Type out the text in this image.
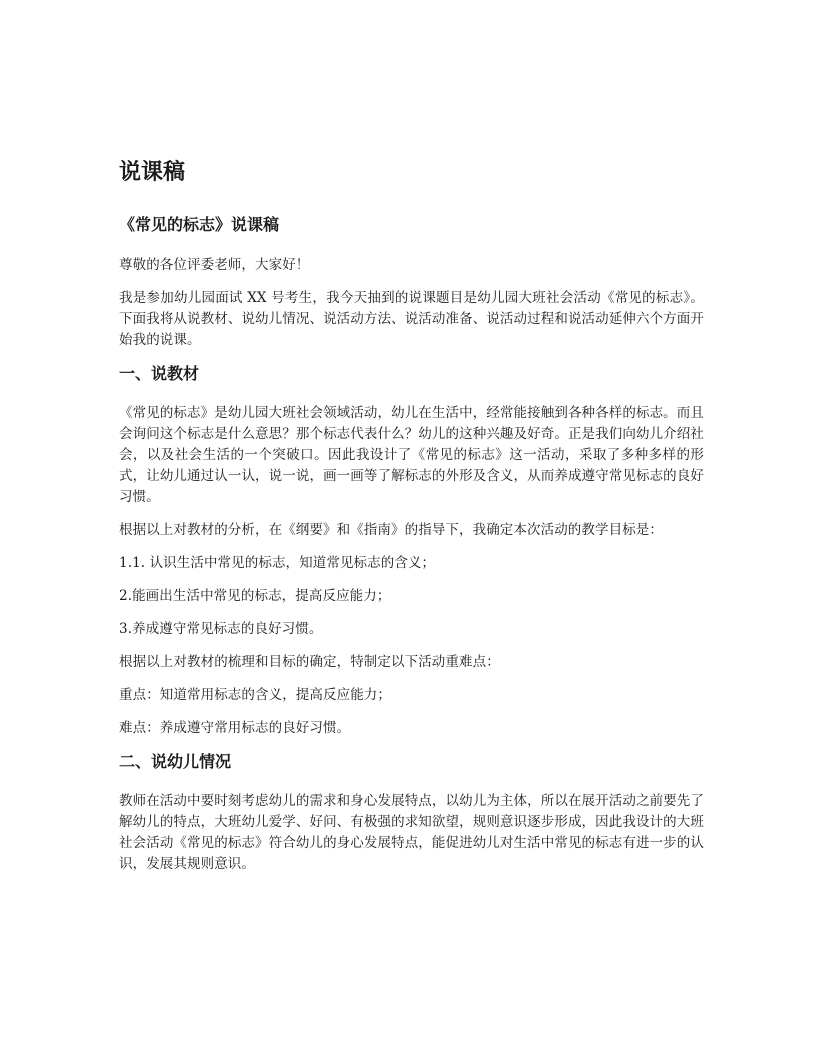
说课稿
《常见的标志》说课稿

尊敬的各位评委老师，大家好！

我是参加幼儿园面试 XX 号考生，我今天抽到的说课题目是幼儿园大班社会活动《常见的标志》。下面我将从说教材、说幼儿情况、说活动方法、说活动准备、说活动过程和说活动延伸六个方面开始我的说课。

一、说教材

《常见的标志》是幼儿园大班社会领域活动，幼儿在生活中，经常能接触到各种各样的标志。而且会询问这个标志是什么意思？那个标志代表什么？幼儿的这种兴趣及好奇。正是我们向幼儿介绍社会，以及社会生活的一个突破口。因此我设计了《常见的标志》这一活动，采取了多种多样的形式，让幼儿通过认一认，说一说，画一画等了解标志的外形及含义，从而养成遵守常见标志的良好习惯。

根据以上对教材的分析，在《纲要》和《指南》的指导下，我确定本次活动的教学目标是：

1.1. 认识生活中常见的标志，知道常见标志的含义；

2.能画出生活中常见的标志，提高反应能力；

3.养成遵守常见标志的良好习惯。

根据以上对教材的梳理和目标的确定，特制定以下活动重难点：

重点：知道常用标志的含义，提高反应能力；

难点：养成遵守常用标志的良好习惯。

二、说幼儿情况

教师在活动中要时刻考虑幼儿的需求和身心发展特点，以幼儿为主体，所以在展开活动之前要先了解幼儿的特点，大班幼儿爱学、好问、有极强的求知欲望，规则意识逐步形成，因此我设计的大班社会活动《常见的标志》符合幼儿的身心发展特点，能促进幼儿对生活中常见的标志有进一步的认识，发展其规则意识。
